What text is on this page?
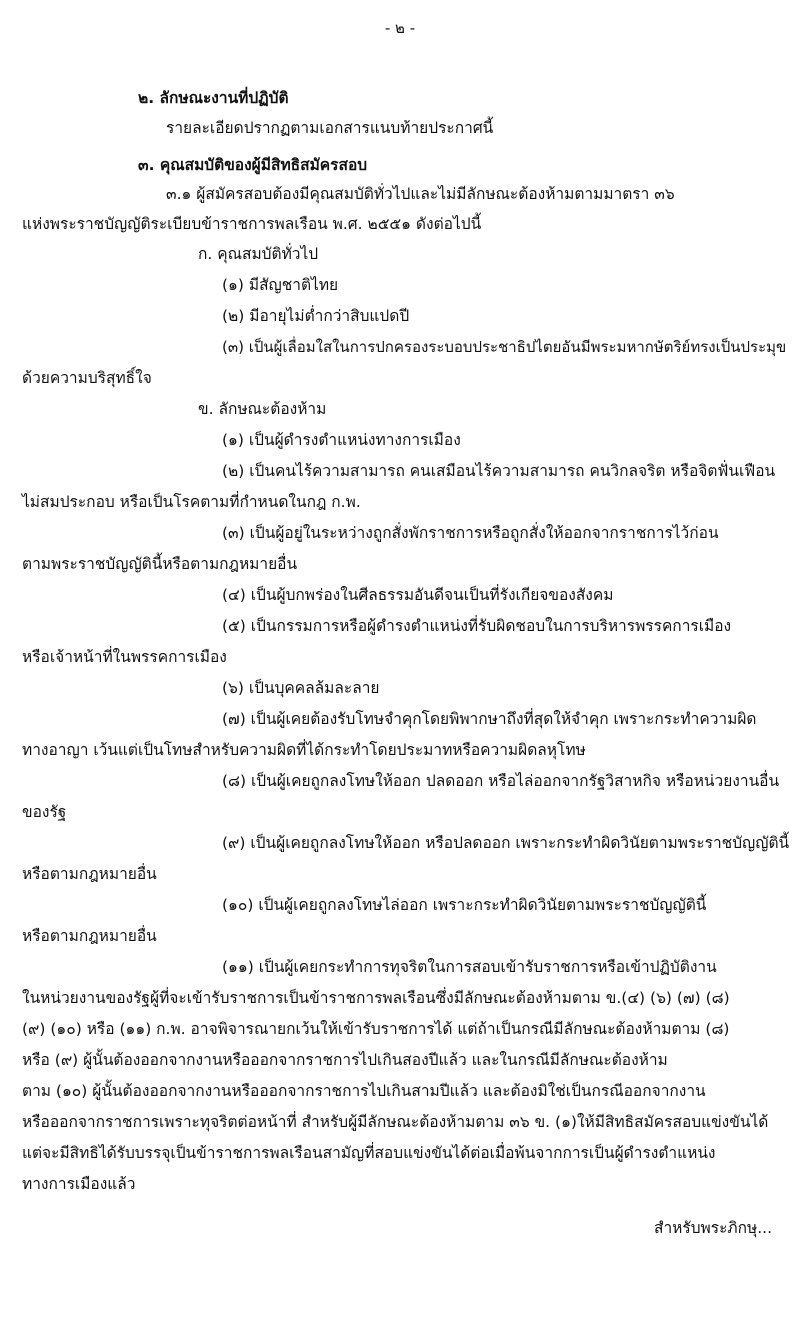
- ๒ -
๒. ลักษณะงานที่ปฏิบัติ
รายละเอียดปรากฏตามเอกสารแนบท้ายประกาศนี้
๓. คุณสมบัติของผู้มีสิทธิสมัครสอบ
๓.๑ ผู้สมัครสอบต้องมีคุณสมบัติทั่วไปและไม่มีลักษณะต้องห้ามตามมาตรา ๓๖
แห่งพระราชบัญญัติระเบียบข้าราชการพลเรือน พ.ศ. ๒๕๕๑ ดังต่อไปนี้
ก. คุณสมบัติทั่วไป
(๑) มีสัญชาติไทย
(๒) มีอายุไม่ต่ำกว่าสิบแปดปี
(๓) เป็นผู้เลื่อมใสในการปกครองระบอบประชาธิปไตยอันมีพระมหากษัตริย์ทรงเป็นประมุข
ด้วยความบริสุทธิ์ใจ
ข. ลักษณะต้องห้าม
(๑) เป็นผู้ดำรงตำแหน่งทางการเมือง
(๒) เป็นคนไร้ความสามารถ คนเสมือนไร้ความสามารถ คนวิกลจริต หรือจิตฟั่นเฟือน
ไม่สมประกอบ หรือเป็นโรคตามที่กำหนดในกฎ ก.พ.
(๓) เป็นผู้อยู่ในระหว่างถูกสั่งพักราชการหรือถูกสั่งให้ออกจากราชการไว้ก่อน
ตามพระราชบัญญัตินี้หรือตามกฎหมายอื่น
(๔) เป็นผู้บกพร่องในศีลธรรมอันดีจนเป็นที่รังเกียจของสังคม
(๕) เป็นกรรมการหรือผู้ดำรงตำแหน่งที่รับผิดชอบในการบริหารพรรคการเมือง
หรือเจ้าหน้าที่ในพรรคการเมือง
(๖) เป็นบุคคลล้มละลาย
(๗) เป็นผู้เคยต้องรับโทษจำคุกโดยพิพากษาถึงที่สุดให้จำคุก เพราะกระทำความผิด
ทางอาญา เว้นแต่เป็นโทษสำหรับความผิดที่ได้กระทำโดยประมาทหรือความผิดลหุโทษ
(๘) เป็นผู้เคยถูกลงโทษให้ออก ปลดออก หรือไล่ออกจากรัฐวิสาหกิจ หรือหน่วยงานอื่น
ของรัฐ
(๙) เป็นผู้เคยถูกลงโทษให้ออก หรือปลดออก เพราะกระทำผิดวินัยตามพระราชบัญญัตินี้
หรือตามกฎหมายอื่น
(๑๐) เป็นผู้เคยถูกลงโทษไล่ออก เพราะกระทำผิดวินัยตามพระราชบัญญัตินี้
หรือตามกฎหมายอื่น
(๑๑) เป็นผู้เคยกระทำการทุจริตในการสอบเข้ารับราชการหรือเข้าปฏิบัติงาน
ในหน่วยงานของรัฐผู้ที่จะเข้ารับราชการเป็นข้าราชการพลเรือนซึ่งมีลักษณะต้องห้ามตาม ข.(๔) (๖) (๗) (๘)
(๙) (๑๐) หรือ (๑๑) ก.พ. อาจพิจารณายกเว้นให้เข้ารับราชการได้ แต่ถ้าเป็นกรณีมีลักษณะต้องห้ามตาม (๘)
หรือ (๙) ผู้นั้นต้องออกจากงานหรือออกจากราชการไปเกินสองปีแล้ว และในกรณีมีลักษณะต้องห้าม
ตาม (๑๐) ผู้นั้นต้องออกจากงานหรือออกจากราชการไปเกินสามปีแล้ว และต้องมิใช่เป็นกรณีออกจากงาน
หรือออกจากราชการเพราะทุจริตต่อหน้าที่ สำหรับผู้มีลักษณะต้องห้ามตาม ๓๖ ข. (๑)ให้มีสิทธิสมัครสอบแข่งขันได้
แต่จะมีสิทธิได้รับบรรจุเป็นข้าราชการพลเรือนสามัญที่สอบแข่งขันได้ต่อเมื่อพ้นจากการเป็นผู้ดำรงตำแหน่ง
ทางการเมืองแล้ว
สำหรับพระภิกษุ...
